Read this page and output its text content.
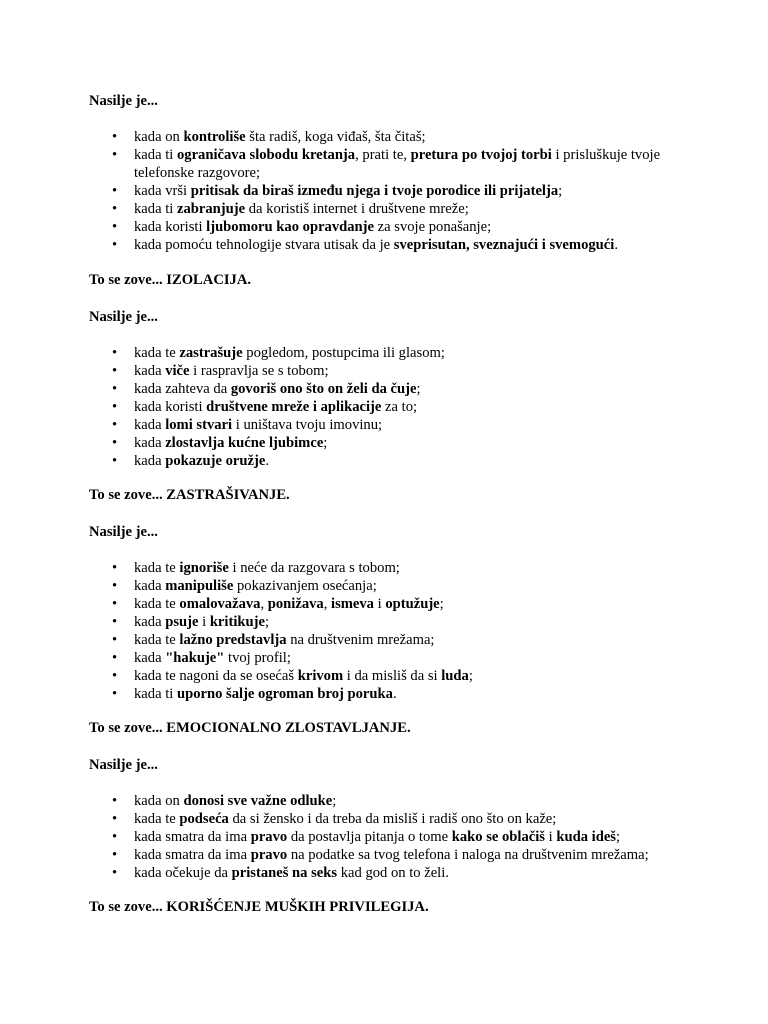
Nasilje je...

• kada on kontroliše šta radiš, koga viđaš, šta čitaš;
• kada ti ograničava slobodu kretanja, prati te, pretura po tvojoj torbi i prisluškuje tvoje telefonske razgovore;
• kada vrši pritisak da biraš između njega i tvoje porodice ili prijatelja;
• kada ti zabranjuje da koristiš internet i društvene mreže;
• kada koristi ljubomoru kao opravdanje za svoje ponašanje;
• kada pomoću tehnologije stvara utisak da je sveprisutan, sveznajući i svemogući.

To se zove... IZOLACIJA.

Nasilje je...

• kada te zastrašuje pogledom, postupcima ili glasom;
• kada viče i raspravlja se s tobom;
• kada zahteva da govoriš ono što on želi da čuje;
• kada koristi društvene mreže i aplikacije za to;
• kada lomi stvari i uništava tvoju imovinu;
• kada zlostavlja kućne ljubimce;
• kada pokazuje oružje.

To se zove... ZASTRAŠIVANJE.

Nasilje je...

• kada te ignoriše i neće da razgovara s tobom;
• kada manipuliše pokazivanjem osećanja;
• kada te omalovažava, ponižava, ismeva i optužuje;
• kada psuje i kritikuje;
• kada te lažno predstavlja na društvenim mrežama;
• kada "hakuje" tvoj profil;
• kada te nagoni da se osećaš krivom i da misliš da si luda;
• kada ti uporno šalje ogroman broj poruka.

To se zove... EMOCIONALNO ZLOSTAVLJANJE.

Nasilje je...

• kada on donosi sve važne odluke;
• kada te podseća da si žensko i da treba da misliš i radiš ono što on kaže;
• kada smatra da ima pravo da postavlja pitanja o tome kako se oblačiš i kuda ideš;
• kada smatra da ima pravo na podatke sa tvog telefona i naloga na društvenim mrežama;
• kada očekuje da pristaneš na seks kad god on to želi.

To se zove... KORIŠĆENJE MUŠKIH PRIVILEGIJA.
